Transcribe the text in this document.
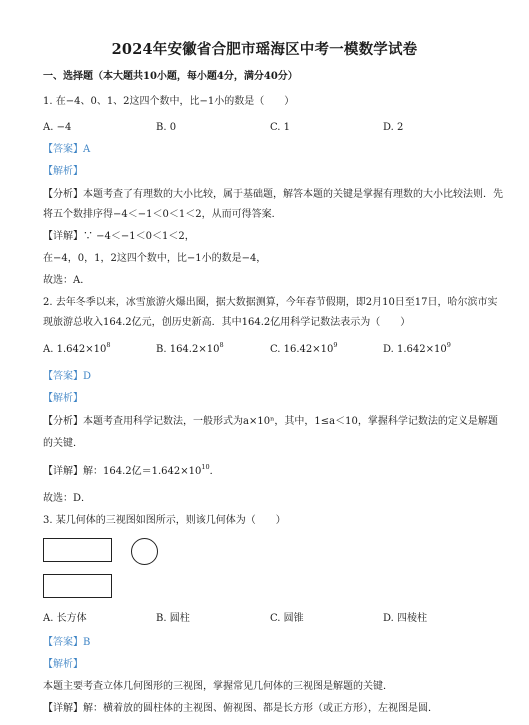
2024年安徽省合肥市瑶海区中考一模数学试卷
一、选择题（本大题共10小题，每小题4分，满分40分）
1. 在−4、0、1、2这四个数中，比−1小的数是（　　）
A. −4	B. 0	C. 1	D. 2
【答案】A
【解析】
【分析】本题考查了有理数的大小比较，属于基础题，解答本题的关键是掌握有理数的大小比较法则．先
将五个数排序得−4＜−1＜0＜1＜2，从而可得答案．
【详解】∵ −4＜−1＜0＜1＜2，
在−4，0，1，2这四个数中，比−1小的数是−4，
故选：A．
2. 去年冬季以来，冰雪旅游火爆出圈，据大数据测算，今年春节假期，即2月10日至17日，哈尔滨市实
现旅游总收入164.2亿元，创历史新高．其中164.2亿用科学记数法表示为（　　）
A. $1.642\times 10^8$	B. $164.2\times 10^8$	C. $16.42\times 10^9$	D. $1.642\times 10^9$
【答案】D
【解析】
【分析】本题考查用科学记数法，一般形式为a×10ⁿ，其中，1≤a＜10，掌握科学记数法的定义是解题
的关键．
【详解】解：164.2亿$=1.642\times 10^{10}$．
故选：D．
3. 某几何体的三视图如图所示，则该几何体为（　　）
A. 长方体	B. 圆柱	C. 圆锥	D. 四棱柱
【答案】B
【解析】
本题主要考查立体几何图形的三视图，掌握常见几何体的三视图是解题的关键．
【详解】解：横着放的圆柱体的主视图、俯视图、都是长方形（或正方形），左视图是圆．
